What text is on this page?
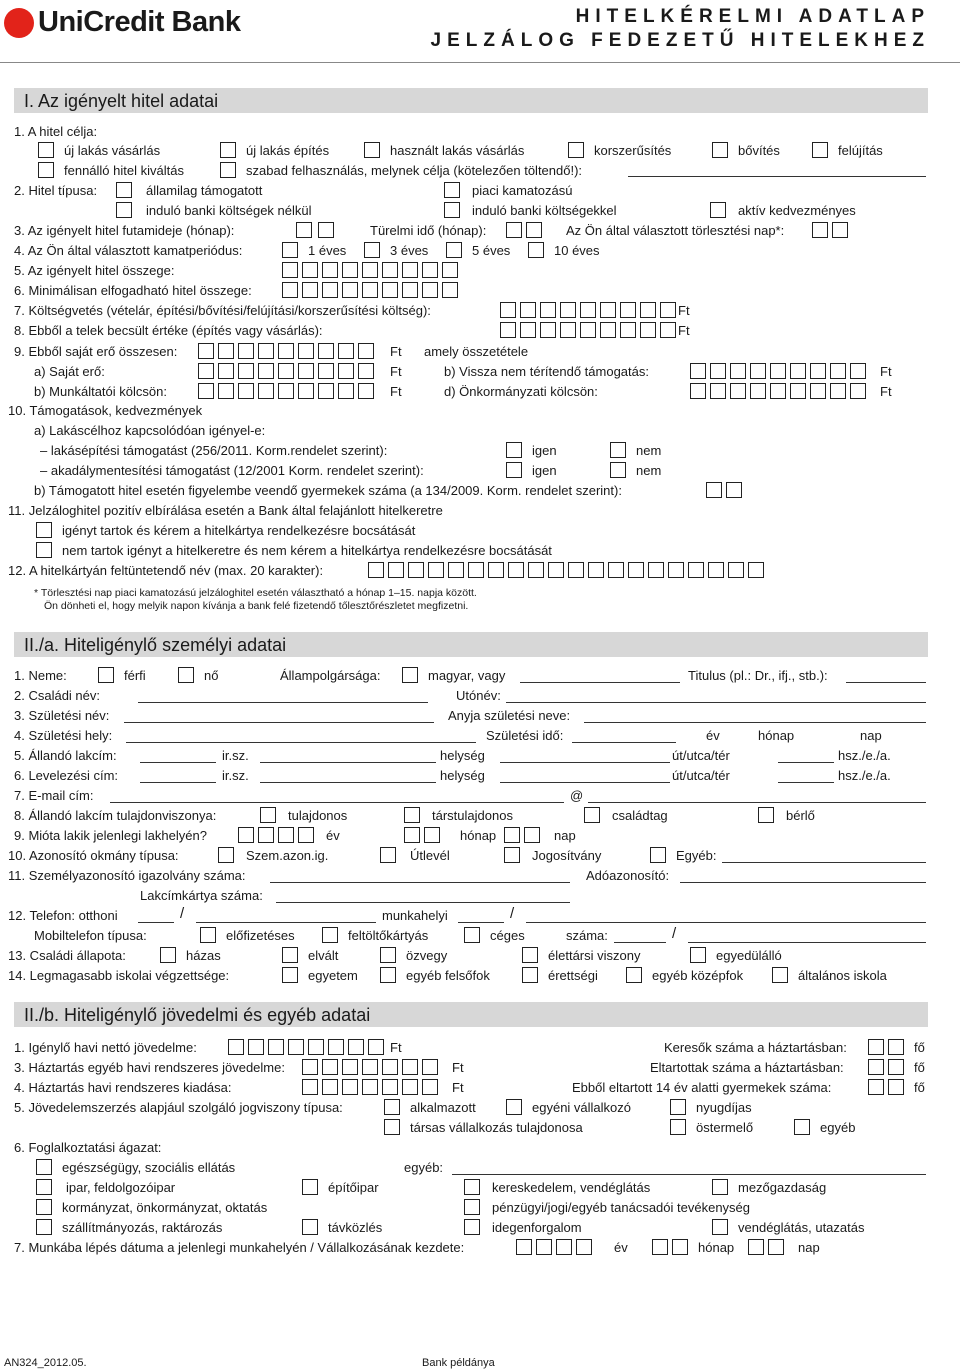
UniCredit Bank	HITELKÉRELMI ADATLAP
JELZÁLOG FEDEZETŰ HITELEKHEZ
I. Az igényelt hitel adatai
1. A hitel célja:
új lakás vásárlás	új lakás építés	használt lakás vásárlás	korszerűsítés	bővítés	felújítás
fennálló hitel kiváltás	szabad felhasználás, melynek célja (kötelezően töltendő!):
2. Hitel típusa:	államilag támogatott	piaci kamatozású
induló banki költségek nélkül	induló banki költségekkel	aktív kedvezményes
3. Az igényelt hitel futamideje (hónap):	Türelmi idő (hónap):	Az Ön által választott törlesztési nap*:
4. Az Ön által választott kamatperiódus:	1 éves	3 éves	5 éves	10 éves
5. Az igényelt hitel összege:
6. Minimálisan elfogadható hitel összege:
7. Költségvetés (vételár, építési/bővítési/felújítási/korszerűsítési költség):	Ft
8. Ebből a telek becsült értéke (építés vagy vásárlás):	Ft
9. Ebből saját erő összesen:	Ft amely összetétele
a) Saját erő:	Ft	b) Vissza nem térítendő támogatás:	Ft
b) Munkáltatói kölcsön:	Ft	d) Önkormányzati kölcsön:	Ft
10. Támogatások, kedvezmények
a) Lakáscélhoz kapcsolódóan igényel-e:
– lakásépítési támogatást (256/2011. Korm.rendelet szerint):	igen	nem
– akadálymentesítési támogatást (12/2001 Korm. rendelet szerint):	igen	nem
b) Támogatott hitel esetén figyelembe veendő gyermekek száma (a 134/2009. Korm. rendelet szerint):
11. Jelzáloghitel pozitív elbírálása esetén a Bank által felajánlott hitelkeretre
igényt tartok és kérem a hitelkártya rendelkezésre bocsátását
nem tartok igényt a hitelkeretre és nem kérem a hitelkártya rendelkezésre bocsátását
12. A hitelkártyán feltüntetendő név (max. 20 karakter):
* Törlesztési nap piaci kamatozású jelzáloghitel esetén választható a hónap 1–15. napja között.
Ön dönheti el, hogy melyik napon kívánja a bank felé fizetendő tőlesztőrészletet megfizetni.
II./a. Hiteligénylő személyi adatai
1. Neme:	férfi	nő	Állampolgársága:	magyar, vagy	Titulus (pl.: Dr., ifj., stb.):
2. Családi név:	Utónév:
3. Születési név:	Anyja születési neve:
4. Születési hely:	Születési idő:	év	hónap	nap
5. Állandó lakcím:	ir.sz.	helység	út/utca/tér	hsz./e./a.
6. Levelezési cím:	ir.sz.	helység	út/utca/tér	hsz./e./a.
7. E-mail cím:	@
8. Állandó lakcím tulajdonviszonya:	tulajdonos	társtulajdonos	családtag	bérlő
9. Mióta lakik jelenlegi lakhelyén?	év	hónap	nap
10. Azonosító okmány típusa:	Szem.azon.ig.	Útlevél	Jogosítvány	Egyéb:
11. Személyazonosító igazolvány száma:	Adóazonosító:
Lakcímkártya száma:
12. Telefon: otthoni	/	munkahelyi	/
Mobiltelefon típusa:	előfizetéses	feltöltőkártyás	céges	száma:	/
13. Családi állapota:	házas	elvált	özvegy	élettársi viszony	egyedülálló
14. Legmagasabb iskolai végzettsége:	egyetem	egyéb felsőfok	érettségi	egyéb középfok	általános iskola
II./b. Hiteligénylő jövedelmi és egyéb adatai
1. Igénylő havi nettó jövedelme:	Ft	Keresők száma a háztartásban:	fő
3. Háztartás egyéb havi rendszeres jövedelme:	Ft	Eltartottak száma a háztartásban:	fő
4. Háztartás havi rendszeres kiadása:	Ft	Ebből eltartott 14 év alatti gyermekek száma:	fő
5. Jövedelemszerzés alapjául szolgáló jogviszony típusa:	alkalmazott	egyéni vállalkozó	nyugdíjas
társas vállalkozás tulajdonosa	östermelő	egyéb
6. Foglalkoztatási ágazat:
egészségügy, szociális ellátás	egyéb:
ipar, feldolgozóipar	építőipar	kereskedelem, vendéglátás	mezőgazdaság
kormányzat, önkormányzat, oktatás	pénzügyi/jogi/egyéb tanácsadói tevékenység
szállítmányozás, raktározás	távközlés	idegenforgalom	vendéglátás, utazatás
7. Munkába lépés dátuma a jelenlegi munkahelyén / Vállalkozásának kezdete:	év	hónap	nap
AN324_2012.05.	Bank példánya
